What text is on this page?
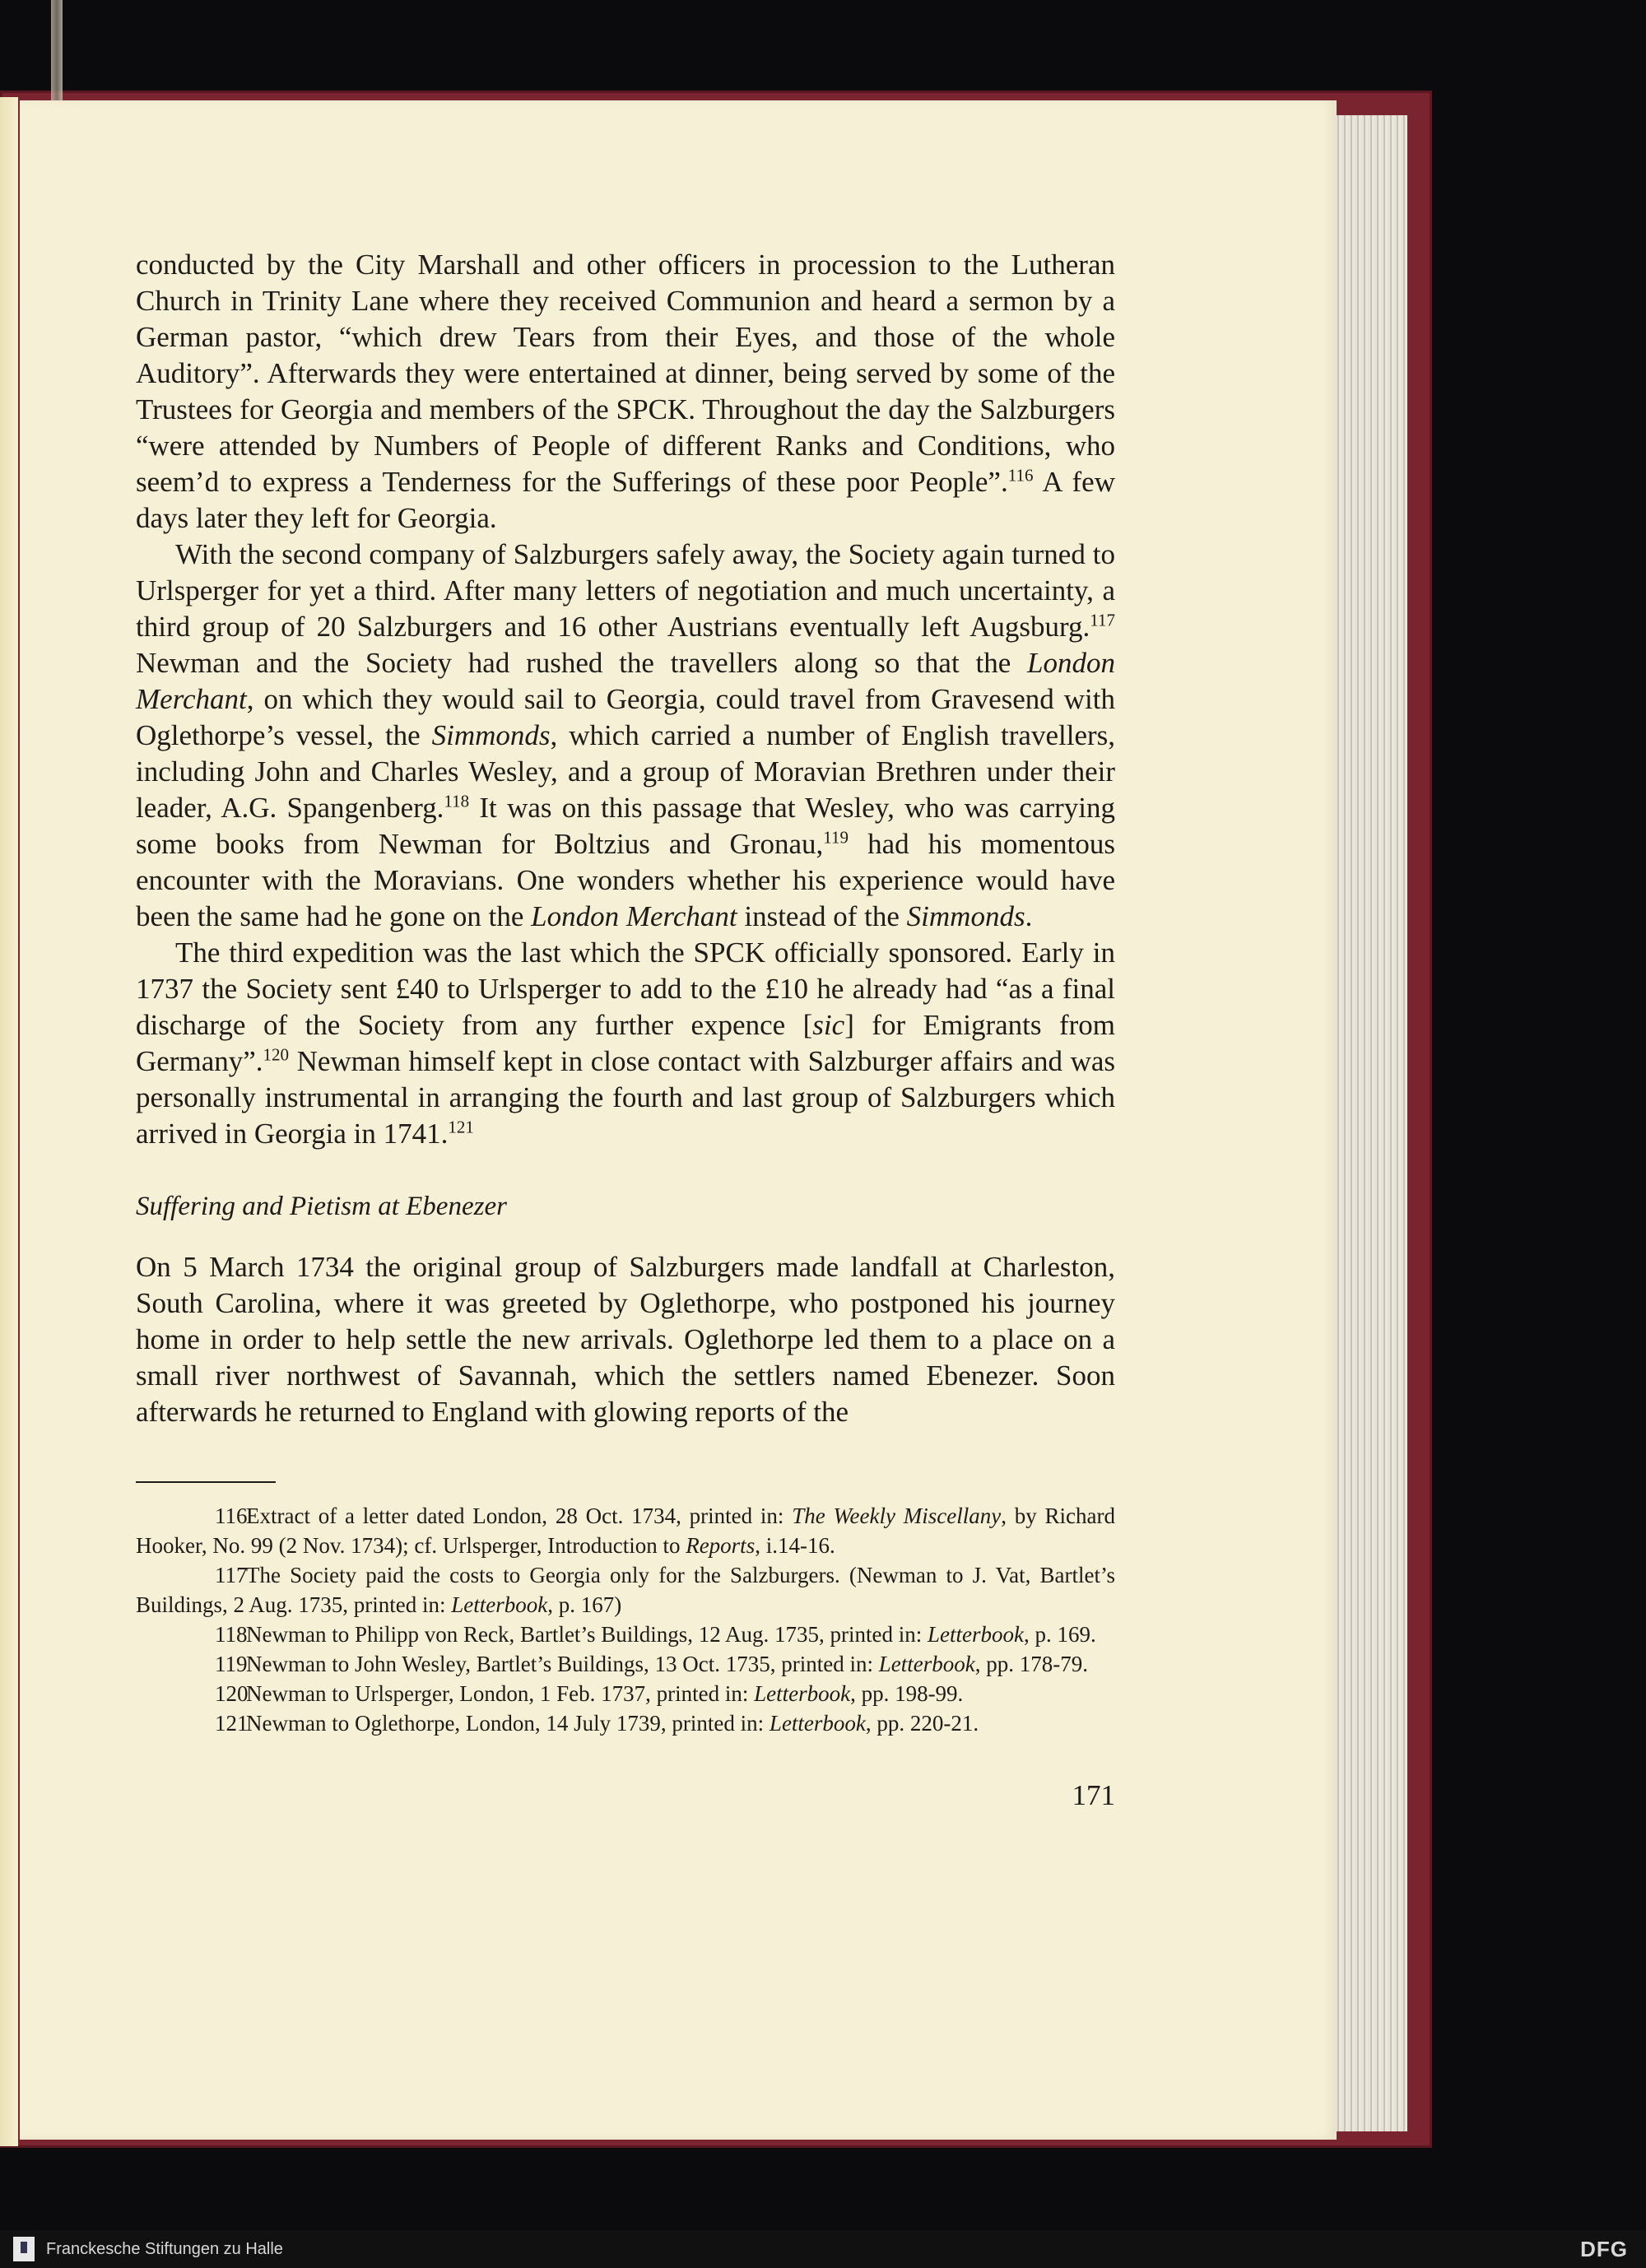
conducted by the City Marshall and other officers in procession to the Lutheran Church in Trinity Lane where they received Communion and heard a sermon by a German pastor, “which drew Tears from their Eyes, and those of the whole Auditory”. Afterwards they were entertained at dinner, being served by some of the Trustees for Georgia and members of the SPCK. Throughout the day the Salzburgers “were attended by Numbers of People of different Ranks and Conditions, who seem’d to express a Tenderness for the Sufferings of these poor People”.$^{116}$ A few days later they left for Georgia.

With the second company of Salzburgers safely away, the Society again turned to Urlsperger for yet a third. After many letters of negotiation and much uncertainty, a third group of 20 Salzburgers and 16 other Austrians eventually left Augsburg.$^{117}$ Newman and the Society had rushed the travellers along so that the London Merchant, on which they would sail to Georgia, could travel from Gravesend with Oglethorpe’s vessel, the Simmonds, which carried a number of English travellers, including John and Charles Wesley, and a group of Moravian Brethren under their leader, A.G. Spangenberg.$^{118}$ It was on this passage that Wesley, who was carrying some books from Newman for Boltzius and Gronau,$^{119}$ had his momentous encounter with the Moravians. One wonders whether his experience would have been the same had he gone on the London Merchant instead of the Simmonds.

The third expedition was the last which the SPCK officially sponsored. Early in 1737 the Society sent £40 to Urlsperger to add to the £10 he already had “as a final discharge of the Society from any further expence [sic] for Emigrants from Germany”.$^{120}$ Newman himself kept in close contact with Salzburger affairs and was personally instrumental in arranging the fourth and last group of Salzburgers which arrived in Georgia in 1741.$^{121}$

Suffering and Pietism at Ebenezer

On 5 March 1734 the original group of Salzburgers made landfall at Charleston, South Carolina, where it was greeted by Oglethorpe, who postponed his journey home in order to help settle the new arrivals. Oglethorpe led them to a place on a small river northwest of Savannah, which the settlers named Ebenezer. Soon afterwards he returned to England with glowing reports of the

116Extract of a letter dated London, 28 Oct. 1734, printed in: The Weekly Miscellany, by Richard Hooker, No. 99 (2 Nov. 1734); cf. Urlsperger, Introduction to Reports, i.14-16.

117The Society paid the costs to Georgia only for the Salzburgers. (Newman to J. Vat, Bartlet’s Buildings, 2 Aug. 1735, printed in: Letterbook, p. 167)

118Newman to Philipp von Reck, Bartlet’s Buildings, 12 Aug. 1735, printed in: Letterbook, p. 169.

119Newman to John Wesley, Bartlet’s Buildings, 13 Oct. 1735, printed in: Letterbook, pp. 178-79.

120Newman to Urlsperger, London, 1 Feb. 1737, printed in: Letterbook, pp. 198-99.

121Newman to Oglethorpe, London, 14 July 1739, printed in: Letterbook, pp. 220-21.

171
Franckesche Stiftungen zu Halle	DFG
